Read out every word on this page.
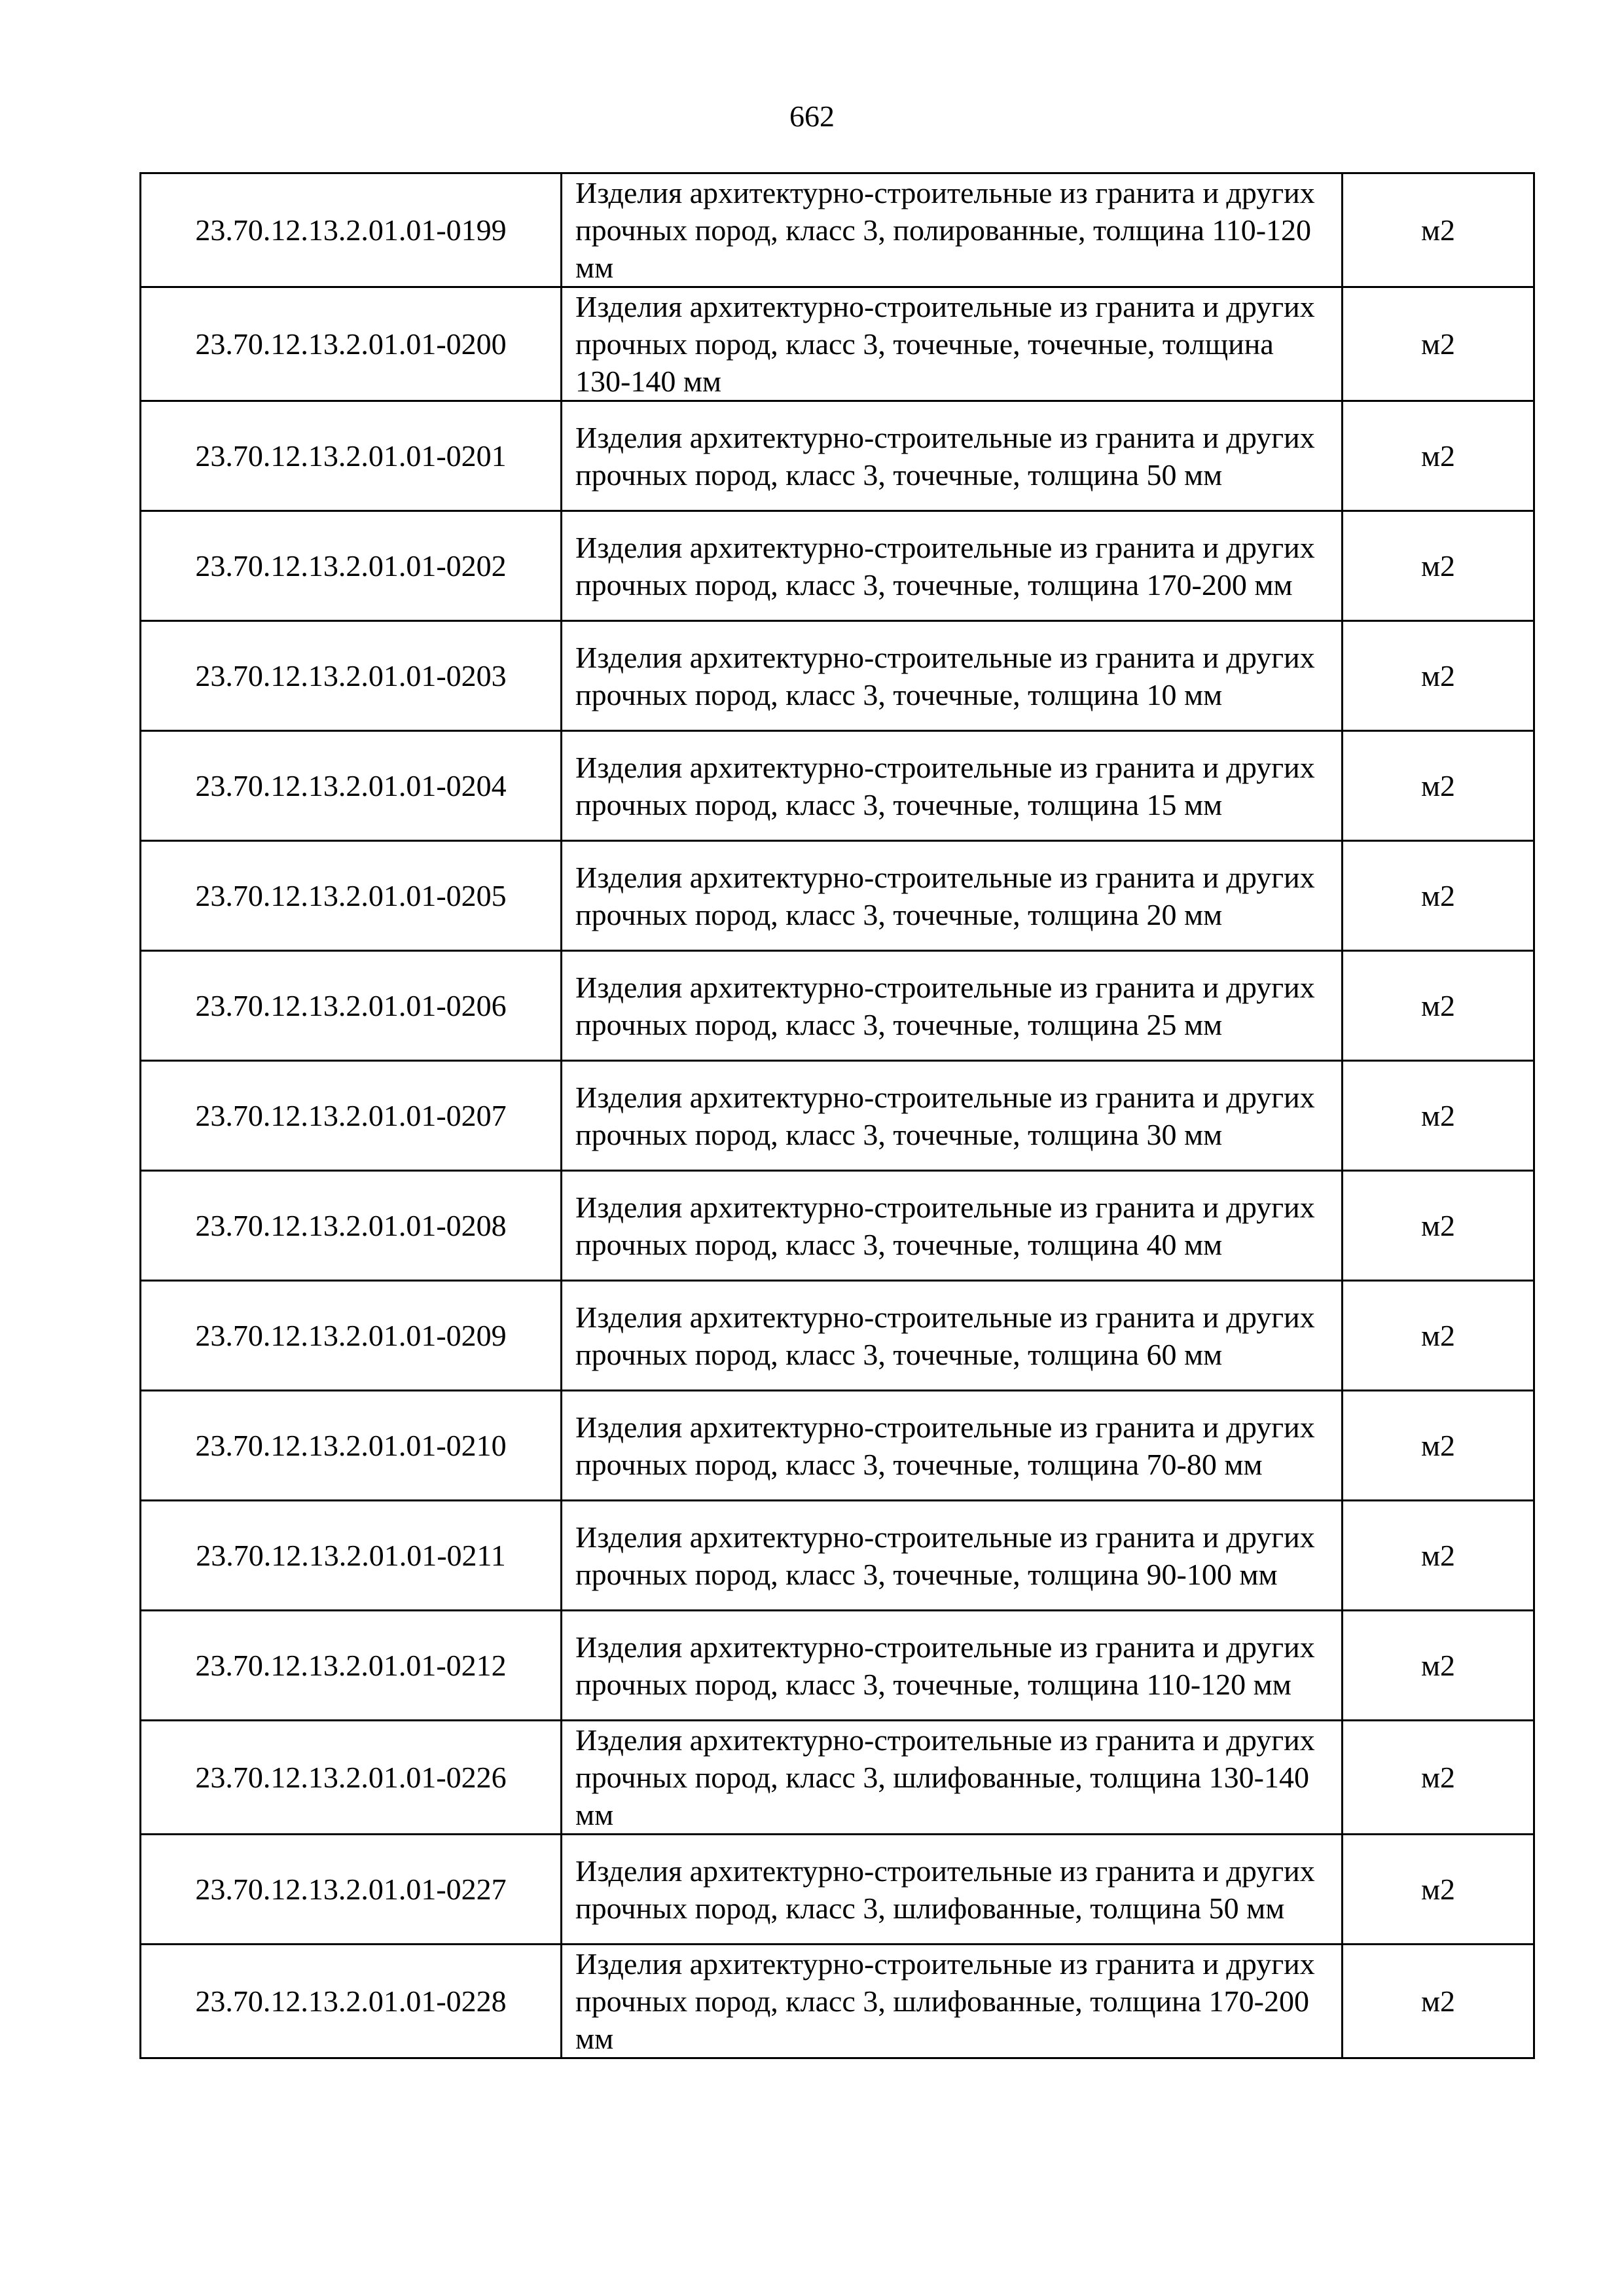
662
23.70.12.13.2.01.01-0199	Изделия архитектурно-строительные из гранита и других прочных пород, класс 3, полированные, толщина 110-120 мм	м2
23.70.12.13.2.01.01-0200	Изделия архитектурно-строительные из гранита и других прочных пород, класс 3, точечные, точечные, толщина 130-140 мм	м2
23.70.12.13.2.01.01-0201	Изделия архитектурно-строительные из гранита и других прочных пород, класс 3, точечные, толщина 50 мм	м2
23.70.12.13.2.01.01-0202	Изделия архитектурно-строительные из гранита и других прочных пород, класс 3, точечные, толщина 170-200 мм	м2
23.70.12.13.2.01.01-0203	Изделия архитектурно-строительные из гранита и других прочных пород, класс 3, точечные, толщина 10 мм	м2
23.70.12.13.2.01.01-0204	Изделия архитектурно-строительные из гранита и других прочных пород, класс 3, точечные, толщина 15 мм	м2
23.70.12.13.2.01.01-0205	Изделия архитектурно-строительные из гранита и других прочных пород, класс 3, точечные, толщина 20 мм	м2
23.70.12.13.2.01.01-0206	Изделия архитектурно-строительные из гранита и других прочных пород, класс 3, точечные, толщина 25 мм	м2
23.70.12.13.2.01.01-0207	Изделия архитектурно-строительные из гранита и других прочных пород, класс 3, точечные, толщина 30 мм	м2
23.70.12.13.2.01.01-0208	Изделия архитектурно-строительные из гранита и других прочных пород, класс 3, точечные, толщина 40 мм	м2
23.70.12.13.2.01.01-0209	Изделия архитектурно-строительные из гранита и других прочных пород, класс 3, точечные, толщина 60 мм	м2
23.70.12.13.2.01.01-0210	Изделия архитектурно-строительные из гранита и других прочных пород, класс 3, точечные, толщина 70-80 мм	м2
23.70.12.13.2.01.01-0211	Изделия архитектурно-строительные из гранита и других прочных пород, класс 3, точечные, толщина 90-100 мм	м2
23.70.12.13.2.01.01-0212	Изделия архитектурно-строительные из гранита и других прочных пород, класс 3, точечные, толщина 110-120 мм	м2
23.70.12.13.2.01.01-0226	Изделия архитектурно-строительные из гранита и других прочных пород, класс 3, шлифованные, толщина 130-140 мм	м2
23.70.12.13.2.01.01-0227	Изделия архитектурно-строительные из гранита и других прочных пород, класс 3, шлифованные, толщина 50 мм	м2
23.70.12.13.2.01.01-0228	Изделия архитектурно-строительные из гранита и других прочных пород, класс 3, шлифованные, толщина 170-200 мм	м2
